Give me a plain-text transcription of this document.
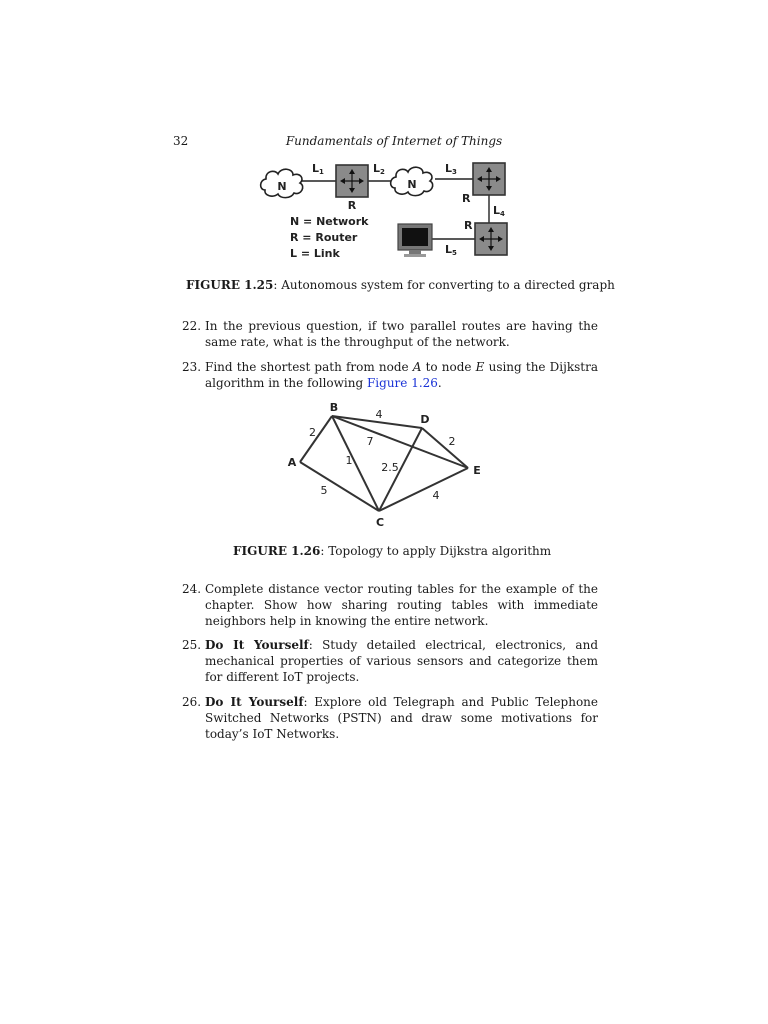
32	Fundamentals of Internet of Things
N	N
L1	L2	L3
L4
L5
R
R
R
N = Network
R = Router
L = Link
FIGURE 1.25: Autonomous system for converting to a directed graph
22. In the previous question, if two parallel routes are having the same rate, what is the throughput of the network.
23. Find the shortest path from node A to node E using the Dijkstra algorithm in the following Figure 1.26.
B
A
D
E
C
2
4
7
1
2
2.5
5	4
FIGURE 1.26: Topology to apply Dijkstra algorithm
24. Complete distance vector routing tables for the example of the chapter. Show how sharing routing tables with immediate neighbors help in knowing the entire network.
25. Do It Yourself: Study detailed electrical, electronics, and mechanical properties of various sensors and categorize them for different IoT projects.
26. Do It Yourself: Explore old Telegraph and Public Telephone Switched Networks (PSTN) and draw some motivations for today’s IoT Networks.
